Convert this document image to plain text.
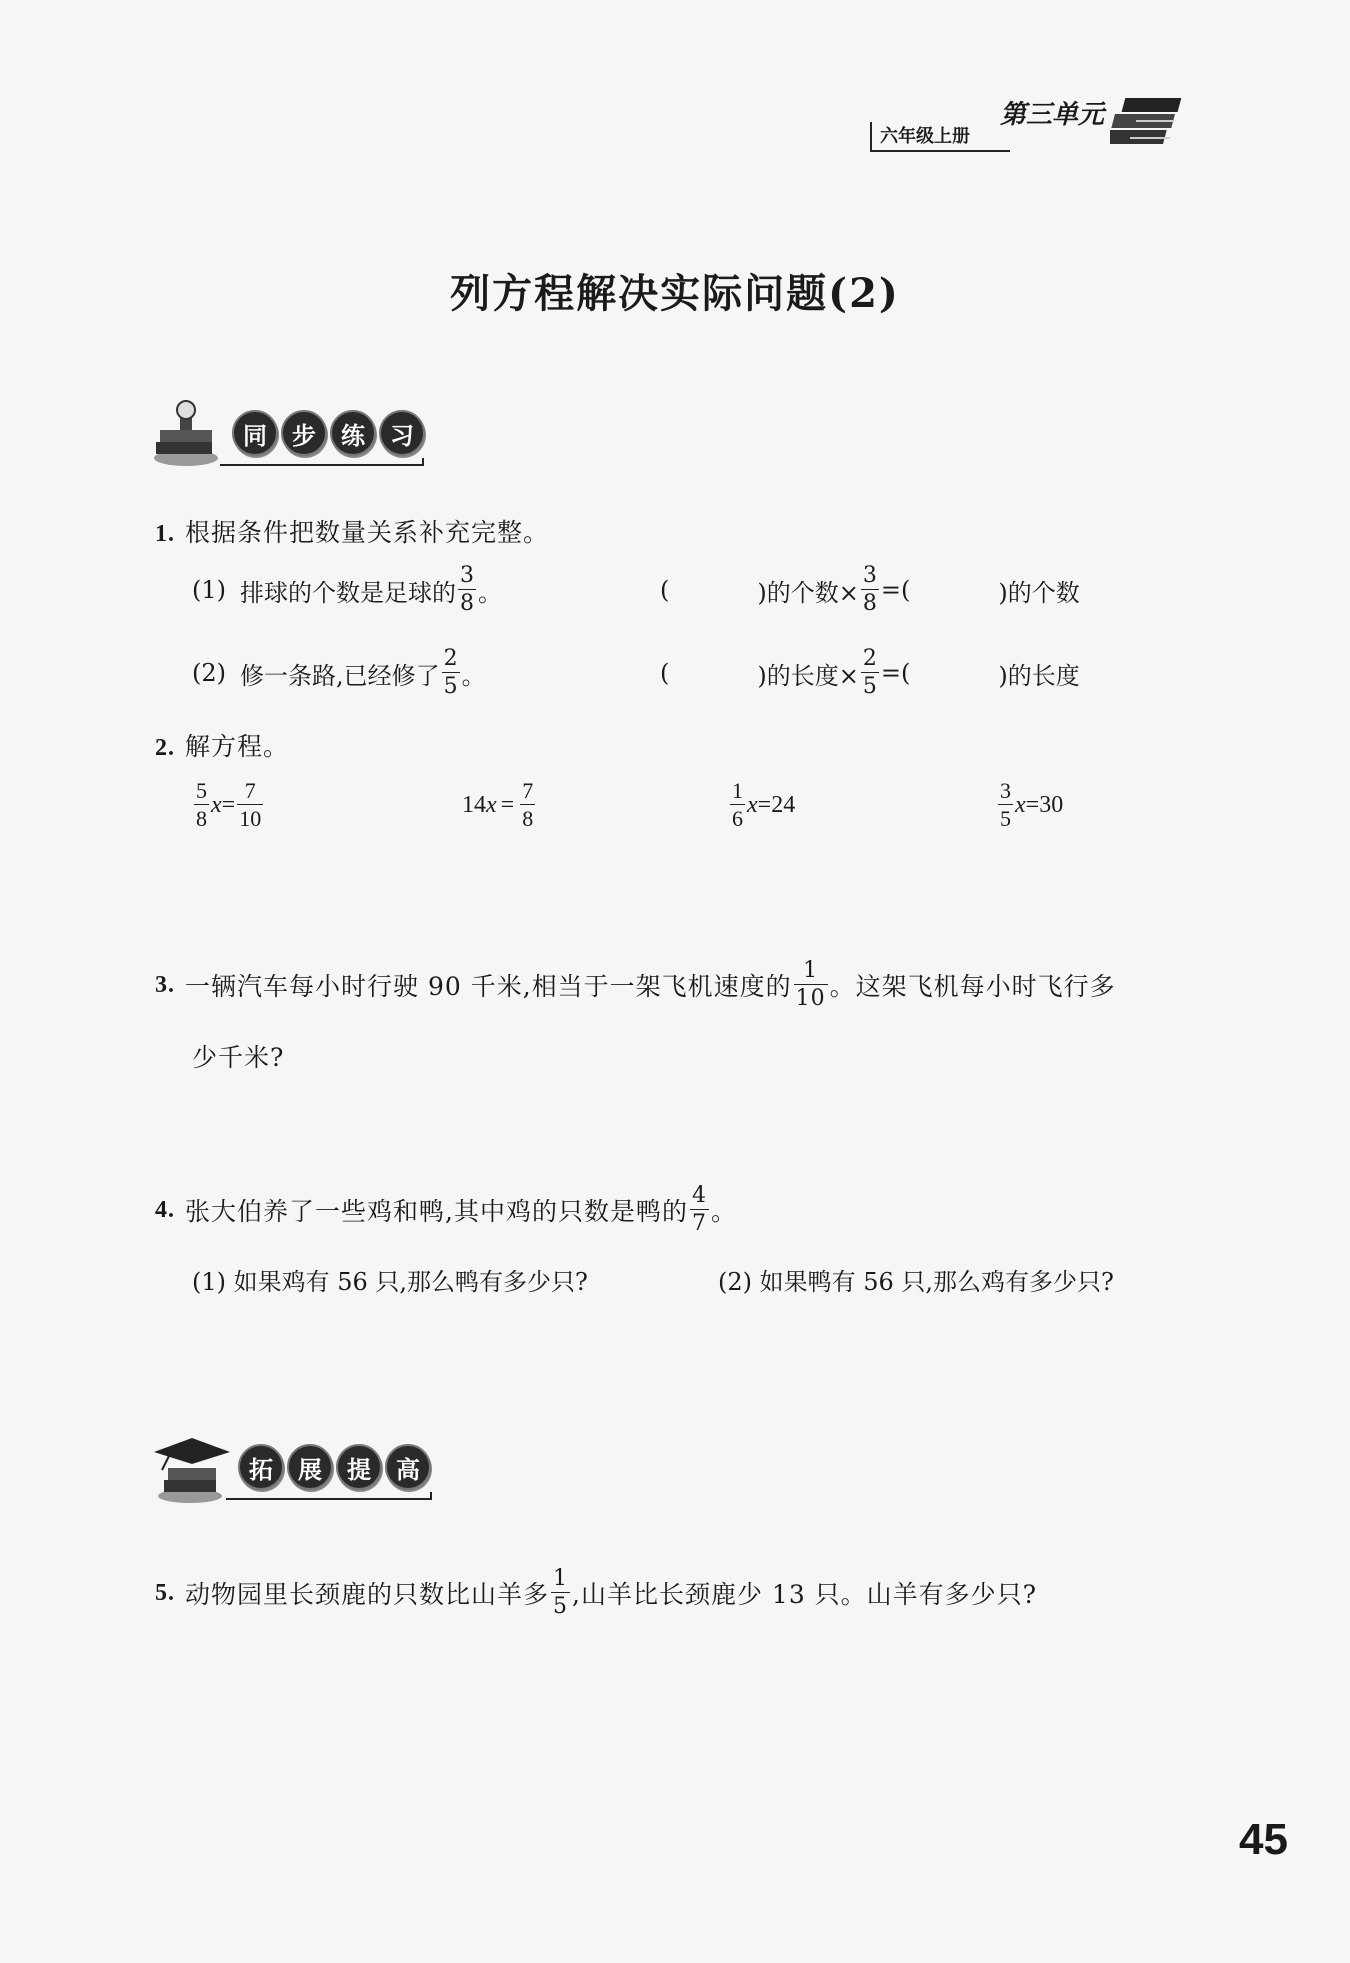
六年级上册
第三单元
列方程解决实际问题(2)
同	步	练	习
1. 根据条件把数量关系补充完整。
(1) 排球的个数是足球的 $\frac{3}{8}$ 。	(	)的个数× $\frac{3}{8}$ =(	)的个数
(2) 修一条路,已经修了 $\frac{2}{5}$ 。	(	)的长度× $\frac{2}{5}$ =(	)的长度
2. 解方程。
$\frac{5}{8}$ $x = \frac{7}{10}$	14 $x = \frac{7}{8}$	$\frac{1}{6}$ x =24	$\frac{3}{5}$ x =30
3. 一辆汽车每小时行驶 90 千米,相当于一架飞机速度的 $\frac{1}{10}$ 。这架飞机每小时飞行多
少千米?
4. 张大伯养了一些鸡和鸭,其中鸡的只数是鸭的 $\frac{4}{7}$ 。
(1) 如果鸡有 56 只,那么鸭有多少只?	(2) 如果鸭有 56 只,那么鸡有多少只?
拓	展	提	高
5. 动物园里长颈鹿的只数比山羊多 $\frac{1}{5}$ ,山羊比长颈鹿少 13 只。山羊有多少只?
45
